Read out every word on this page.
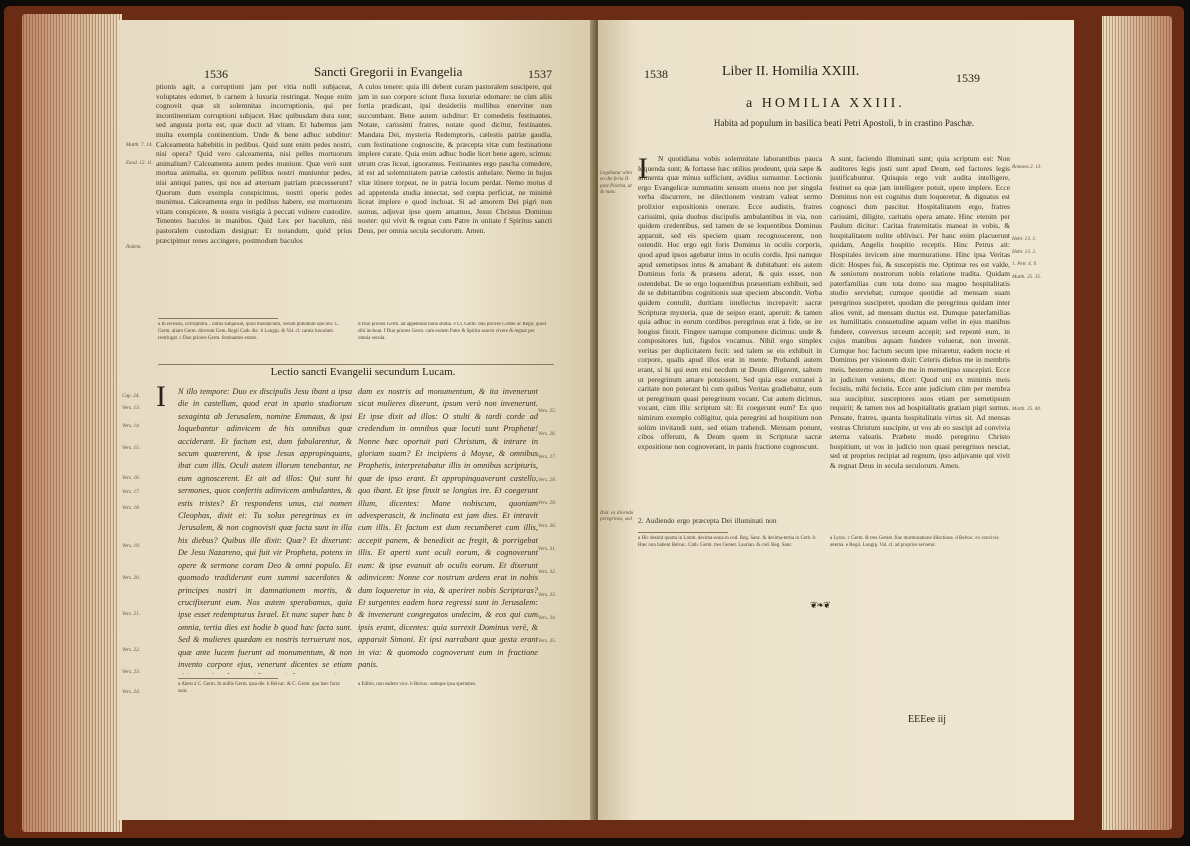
1536	Sancti Gregorii in Evangelia	1537
Matth. 7. 14.
Exod. 12. 11.
Ibidem.

ptionis agit, a corruptioni jam per vitia nulli subjaceat, voluptates edomet, b carnem à luxuria restringat. Neque enim cognovit quæ sit solemnitas incorruptionis, qui per incontinentiam corruptioni subjacet. Hæc quibusdam dura sunt; sed angusta porta est, quæ ducit ad vitam. Et habemus jam multa exempla continentium. Unde & bene adhuc subditur: Calceamenta habebitis in pedibus. Quid sunt enim pedes nostri, nisi opera? Quid vero calceamenta, nisi pelles mortuorum animalium? Calceamenta autem pedes muniunt. Quæ verò sunt mortua animalia, ex quorum pellibus nostri muniuntur pedes, nisi antiqui patres, qui nos ad æternam patriam præcesserunt? Quorum dum exempla conspicimus, nostri operis pedes munimus. Calceamenta ergo in pedibus habere, est mortuorum vitam conspicere, & nostra vestigia à peccati vulnere custodire. Tenentes baculos in manibus. Quid Lex per baculum, nisi pastoralem custodiam designat: Et notandum, quòd prius præcipimur renes accingere, postmodum baculos

A culos tenere: quia illi debent curam pastoralem suscipere, qui jam in suo corpore sciunt fluxa luxuriæ edomare: ne cùm aliis fortia prædicant, ipsi desideriis mollibus enerviter non succumbant. Bene autem subditur: Et comedetis festinantes. Notate, carissimi fratres, notate quod dicitur, festinantes. Mandata Dei, mysteria Redemptoris, cælestis patriæ gaudia, cum festinatione cognoscite, & præcepta vitæ cum festinatione implere curate. Quia enim adhuc hodie licet bene agere, scimus: utrum cras liceat, ignoramus. Festinantes ergo pascha comedere, id est ad solemnitatem patriæ cælestis anhelare. Nemo in hujus vitæ itinere torpeat, ne in patria locum perdat. Nemo motus d ad appetenda studia innectat, sed cœpta perficiat, ne minimè liceat implere e quod inchoat. Si ad amorem Dei pigri non sumus, adjuvat ipse quem amamus, Jesus Christus Dominus noster: qui vivit & regnat cum Patre in unitate f Spiritus sancti Deus, per omnia secula seculorum. Amen.

a In recessis, corruptioni... nullis subjaceat, quod mendacium, verum prælatum ope rell. C. Germ. aliam Germ. dicerum Gem. Regii Cath. &c. b Longip. & Val. cl. carnis luxuriam restringat. c Duo priores Germ. festinantes estote.
d Duo priores Germ. ad appetenda bona studia. e Cl. Germ. duo priores Corbei ac Regii, quod sibi inchoat. f Duo priores Germ. cum eodem Patre & Spiritu sancto vivere & regnat per omnia secula.
Lectio sancti Evangelii secundum Lucam.
I
Cap. 24.
Vers. 13.
Vers. 14.
Vers. 15.
Vers. 16.
Vers. 17.
Vers. 18.
Vers. 19.
Vers. 20.
Vers. 21.
Vers. 22.
Vers. 23.
Vers. 24.

N illo tempore: Duo ex discipulis Jesu ibant a ipsa die in castellum, quod erat in spatio stadiorum sexaginta ab Jerusalem, nomine Emmaus, & ipsi loquebantur adinvicem de his omnibus quæ acciderant. Et factum est, dum fabularentur, & secum quærerent, & ipse Jesus appropinquans, ibat cum illis. Oculi autem illorum tenebantur, ne eum agnoscerent. Et ait ad illos: Qui sunt hi sermones, quos confertis adinvicem ambulantes, & estis tristes? Et respondens unus, cui nomen Cleophas, dixit ei: Tu solus peregrinus es in Jerusalem, & non cognovisti quæ facta sunt in illa his diebus? Quibus ille dixit: Quæ? Et dixerunt: De Jesu Nazareno, qui fuit vir Propheta, potens in opere & sermone coram Deo & omni populo. Et quomodo tradiderunt eum summi sacerdotes & principes nostri in damnationem mortis, & crucifixerunt eum. Nos autem sperabamus, quia ipse esset redempturus Israel. Et nunc super hæc b omnia, tertia dies est hodie b quod hæc facta sunt. Sed & mulieres quædam ex nostris terruerunt nos, quæ ante lucem fuerunt ad monumentum, & non invento corpore ejus, venerunt dicentes se etiam

dam ex nostris ad monumentum, & ita invenerunt sicut mulieres dixerunt, ipsum verò non invenerunt. Et ipse dixit ad illos: O stulti & tardi corde ad credendum in omnibus quæ locuti sunt Prophetæ! Nonne hæc oportuit pati Christum, & intrare in gloriam suam? Et incipiens à Moyse, & omnibus Prophetis, interpretabatur illis in omnibus scripturis, quæ de ipso erant. Et appropinquaverunt castello, quo ibant. Et ipse finxit se longius ire. Et coegerunt illum, dicentes: Mane nobiscum, quoniam advesperascit, & inclinata est jam dies. Et intravit cum illis. Et factum est dum recumberet cum illis, accepit panem, & benedixit ac fregit, & porrigebat illis. Et aperti sunt oculi eorum, & cognoverunt eum: & ipse evanuit ab oculis eorum. Et dixerunt adinvicem: Nonne cor nostrum ardens erat in nobis dum loqueretur in via, & aperiret nobis Scripturas? Et surgentes eadem hora regressi sunt in Jerusalem: & invenerunt congregatos undecim, & eos qui cum ipsis erant, dicentes: quia surrexit Dominus verè, & apparuit Simoni. Et ipsi narrabant quæ gesta erant in via: & quomodo cognoverunt eum in fractione panis.

Vers. 25.
Vers. 26.
Vers. 27.
Vers. 28.
Vers. 29.
Vers. 30.
Vers. 31.
Vers. 32.
Vers. 33.
Vers. 34.
Vers. 35.
a Abest à C. Germ. In nullis Germ. ipsa die. b Belvac. & C. Germ. quo hæc facta sunt.
a Editio, non eadem vice. b Belvac. eamque ipsa sperantes.
1538	Liber II. Homilia XXIII.	1539
a HOMILIA XXIII.
Habita ad populum in basilica beati Petri Apostoli, b in crastino Paschæ.
Legebatur olim eo die feria II. post Pascha, ut & nunc.
Ibid. ex dicendo peregrinos, sed
I	N quotidiana vobis solemnitate laborantibus pauca loquenda sunt; & fortasse hæc utilius prodeunt, quia sæpe & alimenta quæ minus sufficiunt, avidius sumuntur. Lectionis ergo Evangelicæ summatim sensum stuens non per singula verba discurrere, ne dilectionem vestram valeat sermo prolixior expositionis onerare. Ecce audistis, fratres carissimi, quia duobus discipulis ambulantibus in via, non quidem credentibus, sed tamen de se loquentibus Dominus apparuit, sed eis speciem quam recognoscerent, non ostendit. Hoc ergo egit foris Dominus in oculis corporis, quod apud ipsos agebatur intus in oculis cordis. Ipsi namque apud semetipsos intus & amabant & dubitabant: eis autem Dominus foris & præsens aderat, & quis esset, non ostendebat. De se ergo loquentibus præsentiam exhibuit, sed de se dubitantibus cognitionis suæ speciem abscondit. Verba quidem contulit, duritiam intellectus increpavit: sacræ Scripturæ mysteria, quæ de seipso erant, aperuit: & tamen quia adhuc in eorum cordibus peregrinus erat à fide, se ire longius finxit. Fingere namque componere dicimus: unde & compositores luti, figulos vocamus. Nihil ergo simplex veritas per duplicitatem fecit: sed talem se eis exhibuit in corpore, qualis apud illos erat in mente. Probandi autem erant, si hi qui eum etsi necdum ut Deum diligerent, saltem ut peregrinum amare potuissent. Sed quia esse extranei à caritate non poterant hi cum quibus Veritas gradiebatur, eum ut peregrinum quasi peregrinum vocant. Cur autem dicimus, vocant, cùm illic scriptum sit: Et coegerunt eum? Ex quo nimirum exemplo colligitur, quia peregrini ad hospitium non solùm invitandi sunt, sed etiam trahendi. Mensam ponunt, cibos offerunt, & Deum quem in Scripturæ sacræ expositione non cognoverant, in panis fractione cognoscunt.

2. Audiendo ergo præcepta Dei illuminati non

A sunt, faciendo illuminati sunt; quia scriptum est: Non auditores legis justi sunt apud Deum, sed factores legis justificabuntur. Quisquis ergo vult audita intelligere, festinet ea quæ jam intelligere potuit, opere implere. Ecce Dominus non est cognitus dum loqueretur, & dignatus est cognosci dum pascitur. Hospitalitatem ergo, fratres carissimi, diligite, caritatis opera amate. Hinc etenim per Paulum dicitur: Caritas fraternitatis maneat in vobis, & hospitalitatem nolite oblivisci. Per hanc enim placuerunt quidam, Angelis hospitio receptis. Hinc Petrus ait: Hospitales invicem sine murmuratione. Hinc ipsa Veritas dicit: Hospes fui, & suscepistis me. Optimæ res est valde, & seniorum nostrorum nobis relatione tradita. Quidam paterfamilias cum tota domo sua magno hospitalitatis studio serviebat; cumque quotidie ad mensam suam peregrinos susciperet, quodam die peregrinus quidam inter alios venit, ad mensam ductus est. Dumque paterfamilias ex humilitatis consuetudine aquam vellet in ejus manibus fundere, conversus urceum accepit; sed repentè eum, in cujus manibus aquam fundere voluerat, non invenit. Cumque hoc factum secum ipse miraretur, eadem nocte ei Dominus per visionem dixit: Ceteris diebus me in membris meis, hesterno autem die me in memetipso suscepisti. Ecce in judicium veniens, dicet: Quod uni ex minimis meis fecistis, mihi fecistis. Ecce ante judicium cùm per membra sua suscipitur, susceptores suos etiam per semetipsum requirit; & tamen nos ad hospitalitatis gratiam pigri sumus. Pensate, fratres, quanta hospitalitatis virtus sit. Ad mensas vestras Christum suscipite, ut vos ab eo suscipi ad convivia æterna valeatis. Præbete modò peregrino Christo hospitium, ut vos in judicio non quasi peregrinos nesciat, sed ut proprios recipiat ad regnum, ipso adjuvante qui vivit & regnat Deus in secula seculorum. Amen.

Romans 2. 13.
Hebr. 13. 1.
Hebr. 13. 2.
1. Petr. 4. 9.
Matth. 25. 35.
Matth. 25. 40.
a Hic desinit quarta in Lomb. decima-nona in cod. Reg. Sanc. & decima-tertia in Corb. b Hæc non habent Belvac. Cath. Germ. tres Gemet. Laurian. & cod. Reg. Sanc.
a Lyrax. c Germ. & tres Gemet. fine murmuratione dilectione. d Belvac. ex convivia æterna. e Regii. Longip. Val. cl. ad proprios servetur.
❦❧❦
EEEee iij
